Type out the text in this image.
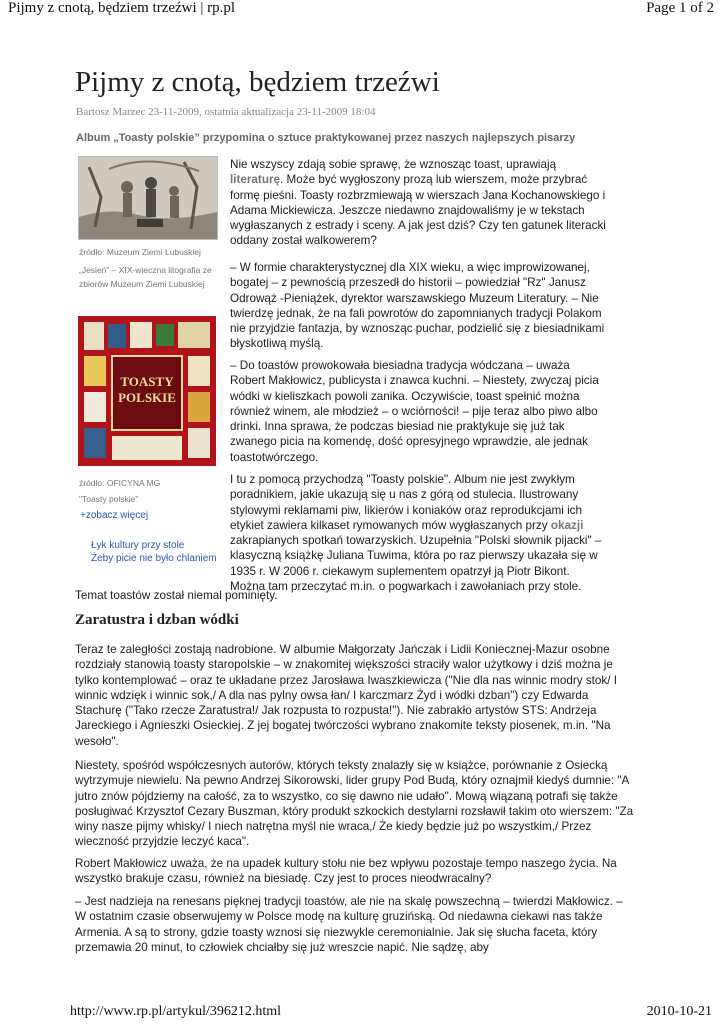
Pijmy z cnotą, będziem trzeźwi | rp.pl	Page 1 of 2
Pijmy z cnotą, będziem trzeźwi
Bartosz Marzec 23-11-2009, ostatnia aktualizacja 23-11-2009 18:04
Album „Toasty polskie” przypomina o sztuce praktykowanej przez naszych najlepszych pisarzy
źródło: Muzeum Ziemi Lubuskiej
„Jesień” – XIX-wieczna litografia ze zbiorów Muzeum Ziemi Lubuskiej
TOASTY POLSKIE
źródło: OFICYNA MG
"Toasty polskie"
+zobacz więcej
Łyk kultury przy stole
Żeby picie nie było chlaniem

Nie wszyscy zdają sobie sprawę, że wznosząc toast, uprawiają literaturę. Może być wygłoszony prozą lub wierszem, może przybrać formę pieśni. Toasty rozbrzmiewają w wierszach Jana Kochanowskiego i Adama Mickiewicza. Jeszcze niedawno znajdowaliśmy je w tekstach wygłaszanych z estrady i sceny. A jak jest dziś? Czy ten gatunek literacki oddany został walkowerem?

– W formie charakterystycznej dla XIX wieku, a więc improwizowanej, bogatej – z pewnością przeszedł do historii – powiedział "Rz" Janusz Odrowąż -Pieniążek, dyrektor warszawskiego Muzeum Literatury. – Nie twierdzę jednak, że na fali powrotów do zapomnianych tradycji Polakom nie przyjdzie fantazja, by wznosząc puchar, podzielić się z biesiadnikami błyskotliwą myślą.

– Do toastów prowokowała biesiadna tradycja wódczana – uważa Robert Makłowicz, publicysta i znawca kuchni. – Niestety, zwyczaj picia wódki w kieliszkach powoli zanika. Oczywiście, toast spełnić można również winem, ale młodzież – o wciórności! – pije teraz albo piwo albo drinki. Inna sprawa, że podczas biesiad nie praktykuje się już tak zwanego picia na komendę, dość opresyjnego wprawdzie, ale jednak toastotwórczego.

I tu z pomocą przychodzą "Toasty polskie". Album nie jest zwykłym poradnikiem, jakie ukazują się u nas z górą od stulecia. Ilustrowany stylowymi reklamami piw, likierów i koniaków oraz reprodukcjami ich etykiet zawiera kilkaset rymowanych mów wygłaszanych przy okazji zakrapianych spotkań towarzyskich. Uzupełnia "Polski słownik pijacki" – klasyczną książkę Juliana Tuwima, która po raz pierwszy ukazała się w 1935 r. W 2006 r. ciekawym suplementem opatrzył ją Piotr Bikont. Można tam przeczytać m.in. o pogwarkach i zawołaniach przy stole.

Temat toastów został niemal pominięty.
Zaratustra i dzban wódki

Teraz te zaległości zostają nadrobione. W albumie Małgorzaty Jańczak i Lidii Koniecznej-Mazur osobne rozdziały stanowią toasty staropolskie – w znakomitej większości straciły walor użytkowy i dziś można je tylko kontemplować – oraz te układane przez Jarosława Iwaszkiewicza ("Nie dla nas winnic modry stok/ I winnic wdzięk i winnic sok,/ A dla nas pylny owsa łan/ I karczmarz Żyd i wódki dzban") czy Edwarda Stachurę ("Tako rzecze Zaratustra!/ Jak rozpusta to rozpusta!"). Nie zabrakło artystów STS: Andrzeja Jareckiego i Agnieszki Osieckiej. Z jej bogatej twórczości wybrano znakomite teksty piosenek, m.in. "Na wesoło".

Niestety, spośród współczesnych autorów, których teksty znalazły się w książce, porównanie z Osiecką wytrzymuje niewielu. Na pewno Andrzej Sikorowski, lider grupy Pod Budą, który oznajmił kiedyś dumnie: "A jutro znów pójdziemy na całość, za to wszystko, co się dawno nie udało". Mową wiązaną potrafi się także posługiwać Krzysztof Cezary Buszman, który produkt szkockich destylarni rozsławił takim oto wierszem: "Za winy nasze pijmy whisky/ I niech natrętna myśl nie wraca,/ Że kiedy będzie już po wszystkim,/ Przez wieczność przyjdzie leczyć kaca".

Robert Makłowicz uważa, że na upadek kultury stołu nie bez wpływu pozostaje tempo naszego życia. Na wszystko brakuje czasu, również na biesiadę. Czy jest to proces nieodwracalny?

– Jest nadzieja na renesans pięknej tradycji toastów, ale nie na skalę powszechną – twierdzi Makłowicz. – W ostatnim czasie obserwujemy w Polsce modę na kulturę gruzińską. Od niedawna ciekawi nas także Armenia. A są to strony, gdzie toasty wznosi się niezwykle ceremonialnie. Jak się słucha faceta, który przemawia 20 minut, to człowiek chciałby się już wreszcie napić. Nie sądzę, aby

http://www.rp.pl/artykul/396212.html	2010-10-21
